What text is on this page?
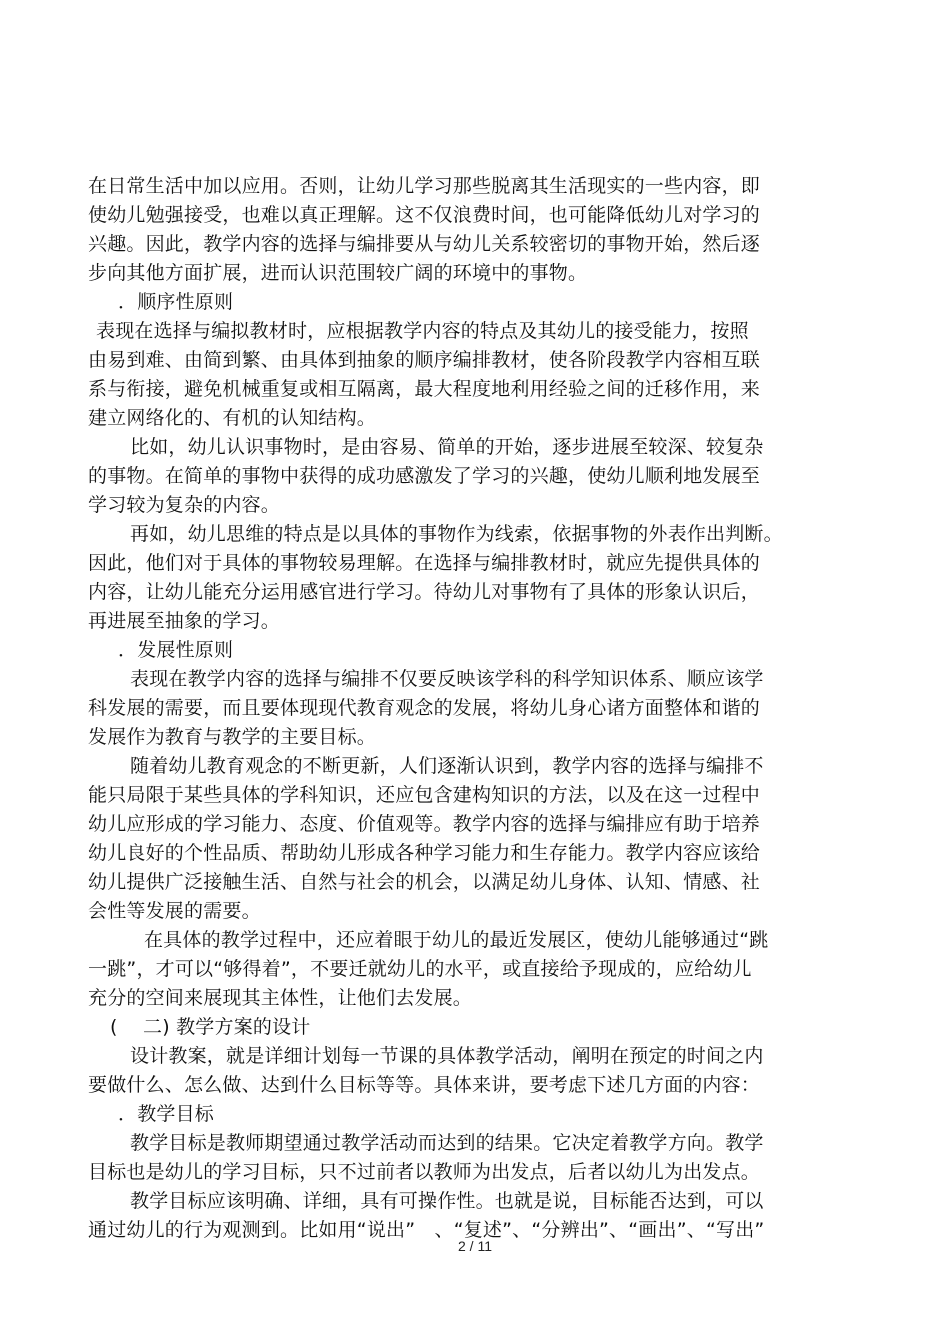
在日常生活中加以应用。否则，让幼儿学习那些脱离其生活现实的一些内容，即
使幼儿勉强接受，也难以真正理解。这不仅浪费时间，也可能降低幼儿对学习的
兴趣。因此，教学内容的选择与编排要从与幼儿关系较密切的事物开始，然后逐
步向其他方面扩展，进而认识范围较广阔的环境中的事物。
．顺序性原则
表现在选择与编拟教材时，应根据教学内容的特点及其幼儿的接受能力，按照
由易到难、由简到繁、由具体到抽象的顺序编排教材，使各阶段教学内容相互联
系与衔接，避免机械重复或相互隔离，最大程度地利用经验之间的迁移作用，来
建立网络化的、有机的认知结构。
比如，幼儿认识事物时，是由容易、简单的开始，逐步进展至较深、较复杂
的事物。在简单的事物中获得的成功感激发了学习的兴趣，使幼儿顺利地发展至
学习较为复杂的内容。
再如，幼儿思维的特点是以具体的事物作为线索，依据事物的外表作出判断。
因此，他们对于具体的事物较易理解。在选择与编排教材时，就应先提供具体的
内容，让幼儿能充分运用感官进行学习。待幼儿对事物有了具体的形象认识后，
再进展至抽象的学习。
．发展性原则
表现在教学内容的选择与编排不仅要反映该学科的科学知识体系、顺应该学
科发展的需要，而且要体现现代教育观念的发展，将幼儿身心诸方面整体和谐的
发展作为教育与教学的主要目标。
随着幼儿教育观念的不断更新，人们逐渐认识到，教学内容的选择与编排不
能只局限于某些具体的学科知识，还应包含建构知识的方法，以及在这一过程中
幼儿应形成的学习能力、态度、价值观等。教学内容的选择与编排应有助于培养
幼儿良好的个性品质、帮助幼儿形成各种学习能力和生存能力。教学内容应该给
幼儿提供广泛接触生活、自然与社会的机会，以满足幼儿身体、认知、情感、社
会性等发展的需要。
在具体的教学过程中，还应着眼于幼儿的最近发展区，使幼儿能够通过“跳
一跳”，才可以“够得着”，不要迁就幼儿的水平，或直接给予现成的，应给幼儿
充分的空间来展现其主体性，让他们去发展。
(　 二) 教学方案的设计
设计教案，就是详细计划每一节课的具体教学活动，阐明在预定的时间之内
要做什么、怎么做、达到什么目标等等。具体来讲，要考虑下述几方面的内容：
．教学目标
教学目标是教师期望通过教学活动而达到的结果。它决定着教学方向。教学
目标也是幼儿的学习目标，只不过前者以教师为出发点，后者以幼儿为出发点。
教学目标应该明确、详细，具有可操作性。也就是说，目标能否达到，可以
通过幼儿的行为观测到。比如用“说出”　、“复述”、“分辨出”、“画出”、“写出”
2 / 11
